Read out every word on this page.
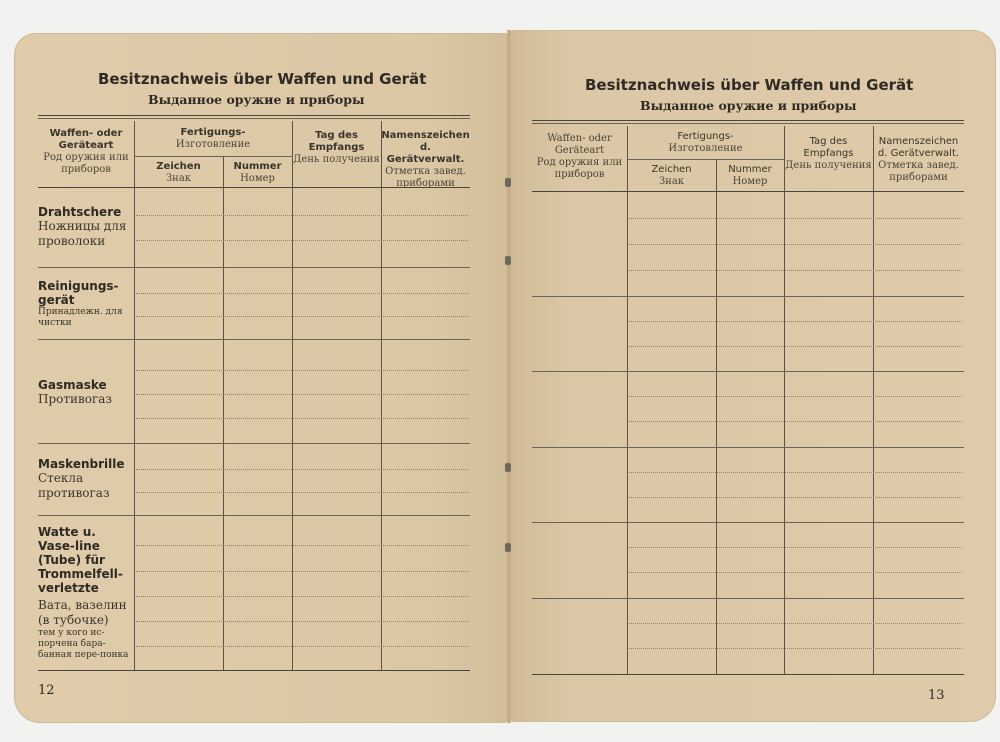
Besitznachweis über Waffen und Gerät
Выданное оружие и приборы
Waffen- oder Geräteart
Род оружия или приборов
Fertigungs-
Изготовление
Zeichen
Знак
Nummer
Номер
Tag des Empfangs
День получения
Namenszeichen d. Gerätverwalt.
Отметка завед. приборами
Drahtschere
Ножницы для проволоки
Reinigungs-gerät
Принадлежн. для чистки
Gasmaske
Противогаз
Maskenbrille
Стекла противогаз
Watte u. Vase-line (Tube) für Trommelfell-verletzte
Вата, вазелин (в тубочке)
тем у кого ис-порчена бара-банная пере-понка
12
Besitznachweis über Waffen und Gerät
Выданное оружие и приборы
Waffen- oder Geräteart
Род оружия или приборов
Fertigungs-
Изготовление
Zeichen
Знак
Nummer
Номер
Tag des Empfangs
День получения
Namenszeichen d. Gerätverwalt.
Отметка завед. приборами
13
